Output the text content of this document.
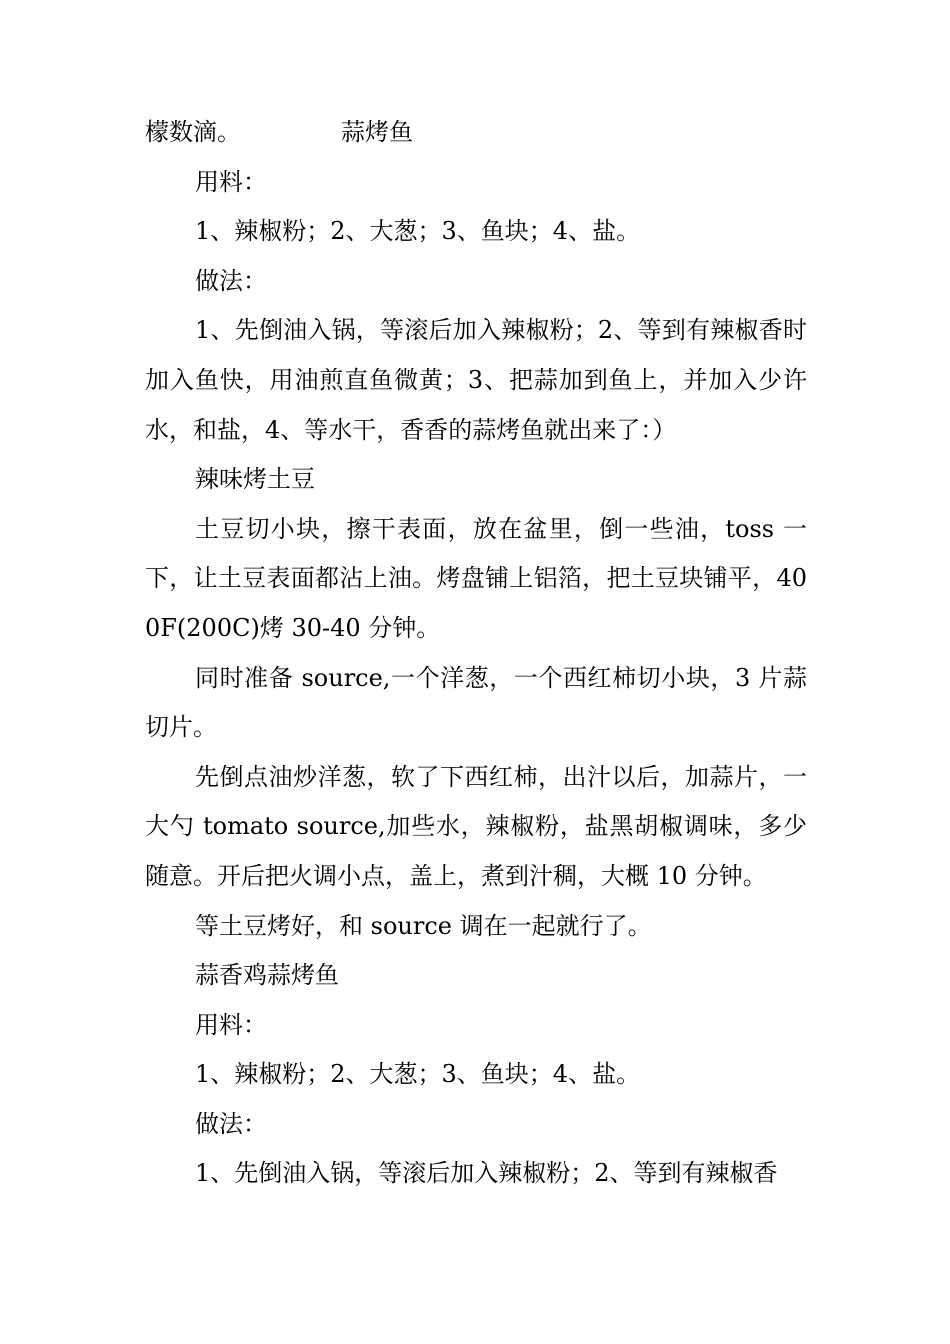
檬数滴。	蒜烤鱼

用料：

1、辣椒粉；2、大葱；3、鱼块；4、盐。

做法：

1、先倒油入锅，等滚后加入辣椒粉；2、等到有辣椒香时加入鱼快，用油煎直鱼微黄；3、把蒜加到鱼上，并加入少许水，和盐，4、等水干，香香的蒜烤鱼就出来了：）

辣味烤土豆

土豆切小块，擦干表面，放在盆里，倒一些油，toss 一下，让土豆表面都沾上油。烤盘铺上铝箔，把土豆块铺平，400F(200C)烤 30-40 分钟。

同时准备 source,一个洋葱，一个西红柿切小块，3 片蒜切片。

先倒点油炒洋葱，软了下西红柿，出汁以后，加蒜片，一大勺 tomato source,加些水，辣椒粉，盐黑胡椒调味，多少随意。开后把火调小点，盖上，煮到汁稠，大概 10 分钟。

等土豆烤好，和 source 调在一起就行了。

蒜香鸡蒜烤鱼

用料：

1、辣椒粉；2、大葱；3、鱼块；4、盐。

做法：

1、先倒油入锅，等滚后加入辣椒粉；2、等到有辣椒香
